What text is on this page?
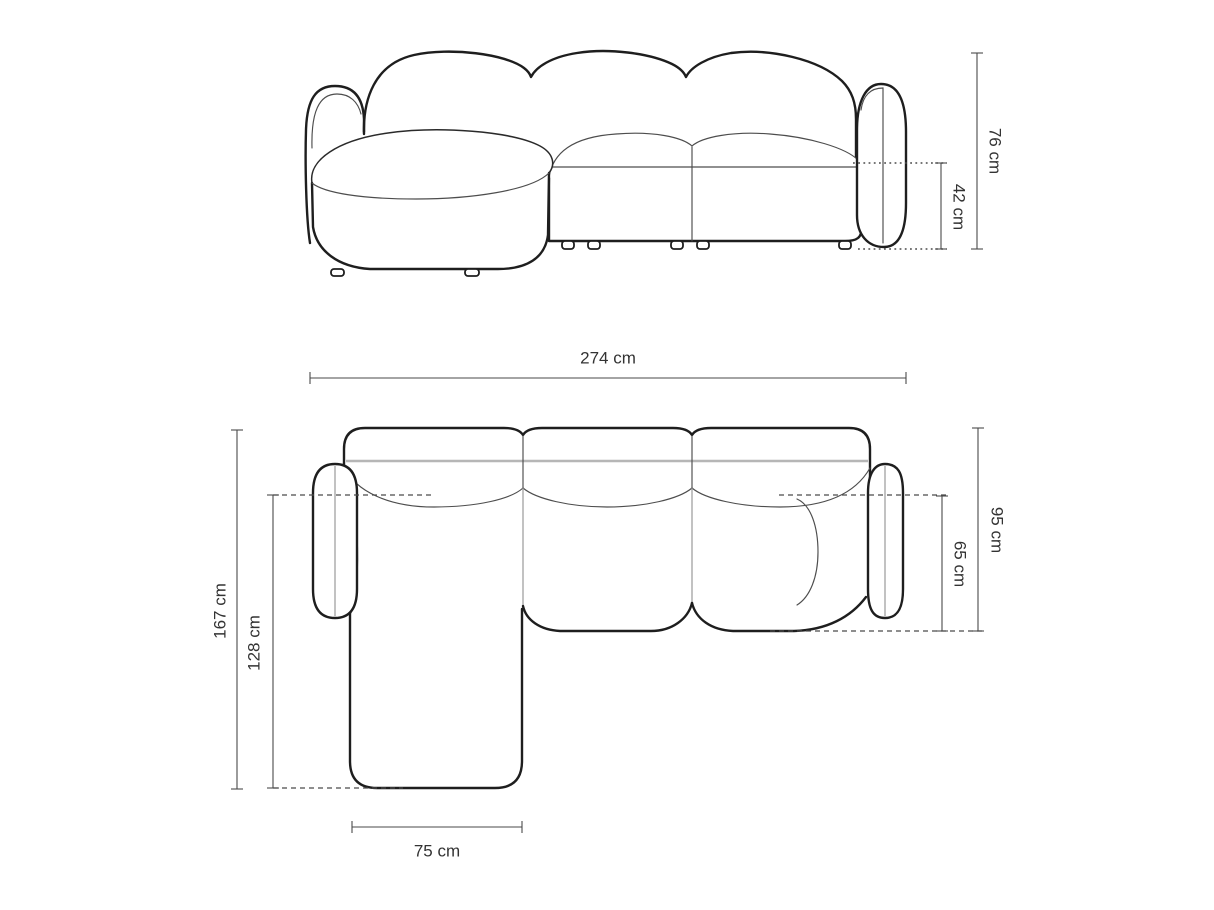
42 cm
76 cm
274 cm
167 cm
128 cm
65 cm
95 cm
75 cm
